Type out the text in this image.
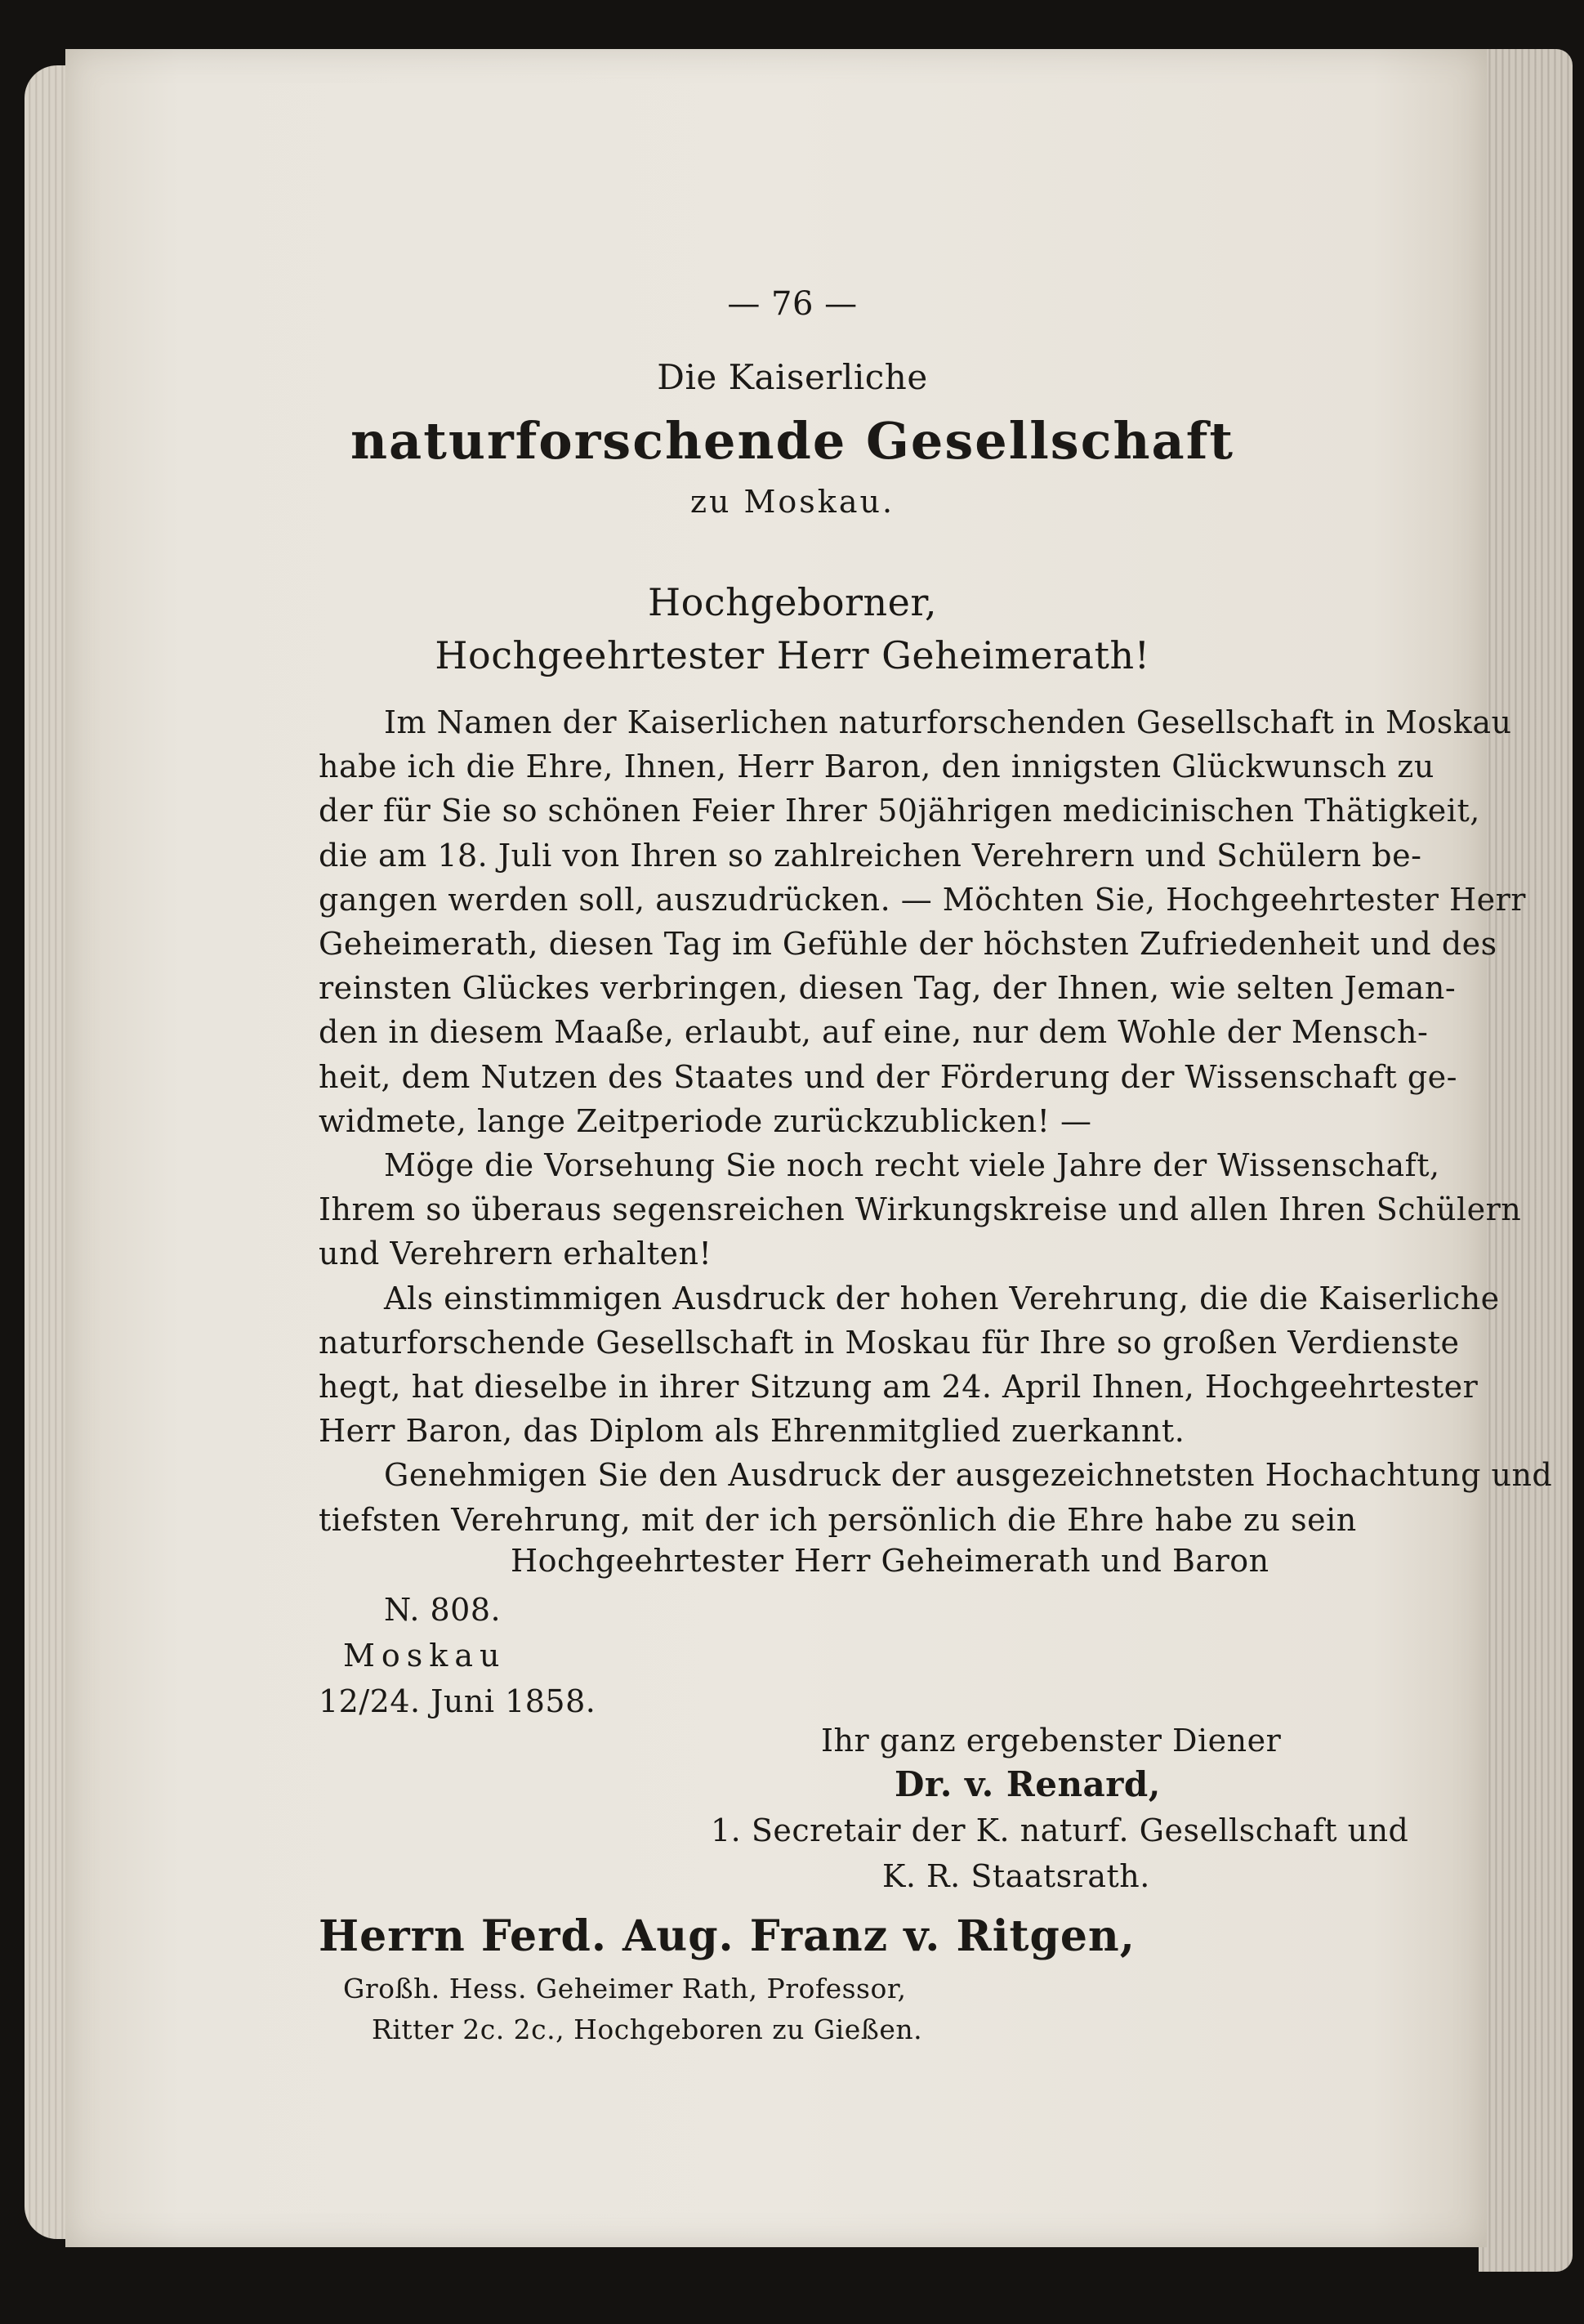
— 76 —
Die Kaiserliche
naturforschende Gesellschaft
zu Moskau.
Hochgeborner,
Hochgeehrtester Herr Geheimerath!
Im Namen der Kaiserlichen naturforschenden Gesellschaft in Moskau
habe ich die Ehre, Ihnen, Herr Baron, den innigsten Glückwunsch zu
der für Sie so schönen Feier Ihrer 50jährigen medicinischen Thätigkeit,
die am 18. Juli von Ihren so zahlreichen Verehrern und Schülern be-
gangen werden soll, auszudrücken. — Möchten Sie, Hochgeehrtester Herr
Geheimerath, diesen Tag im Gefühle der höchsten Zufriedenheit und des
reinsten Glückes verbringen, diesen Tag, der Ihnen, wie selten Jeman-
den in diesem Maaße, erlaubt, auf eine, nur dem Wohle der Mensch-
heit, dem Nutzen des Staates und der Förderung der Wissenschaft ge-
widmete, lange Zeitperiode zurückzublicken! —
Möge die Vorsehung Sie noch recht viele Jahre der Wissenschaft,
Ihrem so überaus segensreichen Wirkungskreise und allen Ihren Schülern
und Verehrern erhalten!
Als einstimmigen Ausdruck der hohen Verehrung, die die Kaiserliche
naturforschende Gesellschaft in Moskau für Ihre so großen Verdienste
hegt, hat dieselbe in ihrer Sitzung am 24. April Ihnen, Hochgeehrtester
Herr Baron, das Diplom als Ehrenmitglied zuerkannt.
Genehmigen Sie den Ausdruck der ausgezeichnetsten Hochachtung und
tiefsten Verehrung, mit der ich persönlich die Ehre habe zu sein
Hochgeehrtester Herr Geheimerath und Baron
N. 808.
Moskau
12/24. Juni 1858.
Ihr ganz ergebenster Diener
Dr. v. Renard,
1. Secretair der K. naturf. Gesellschaft und
K. R. Staatsrath.
Herrn Ferd. Aug. Franz v. Ritgen,
Großh. Hess. Geheimer Rath, Professor,
Ritter 2c. 2c., Hochgeboren zu Gießen.
